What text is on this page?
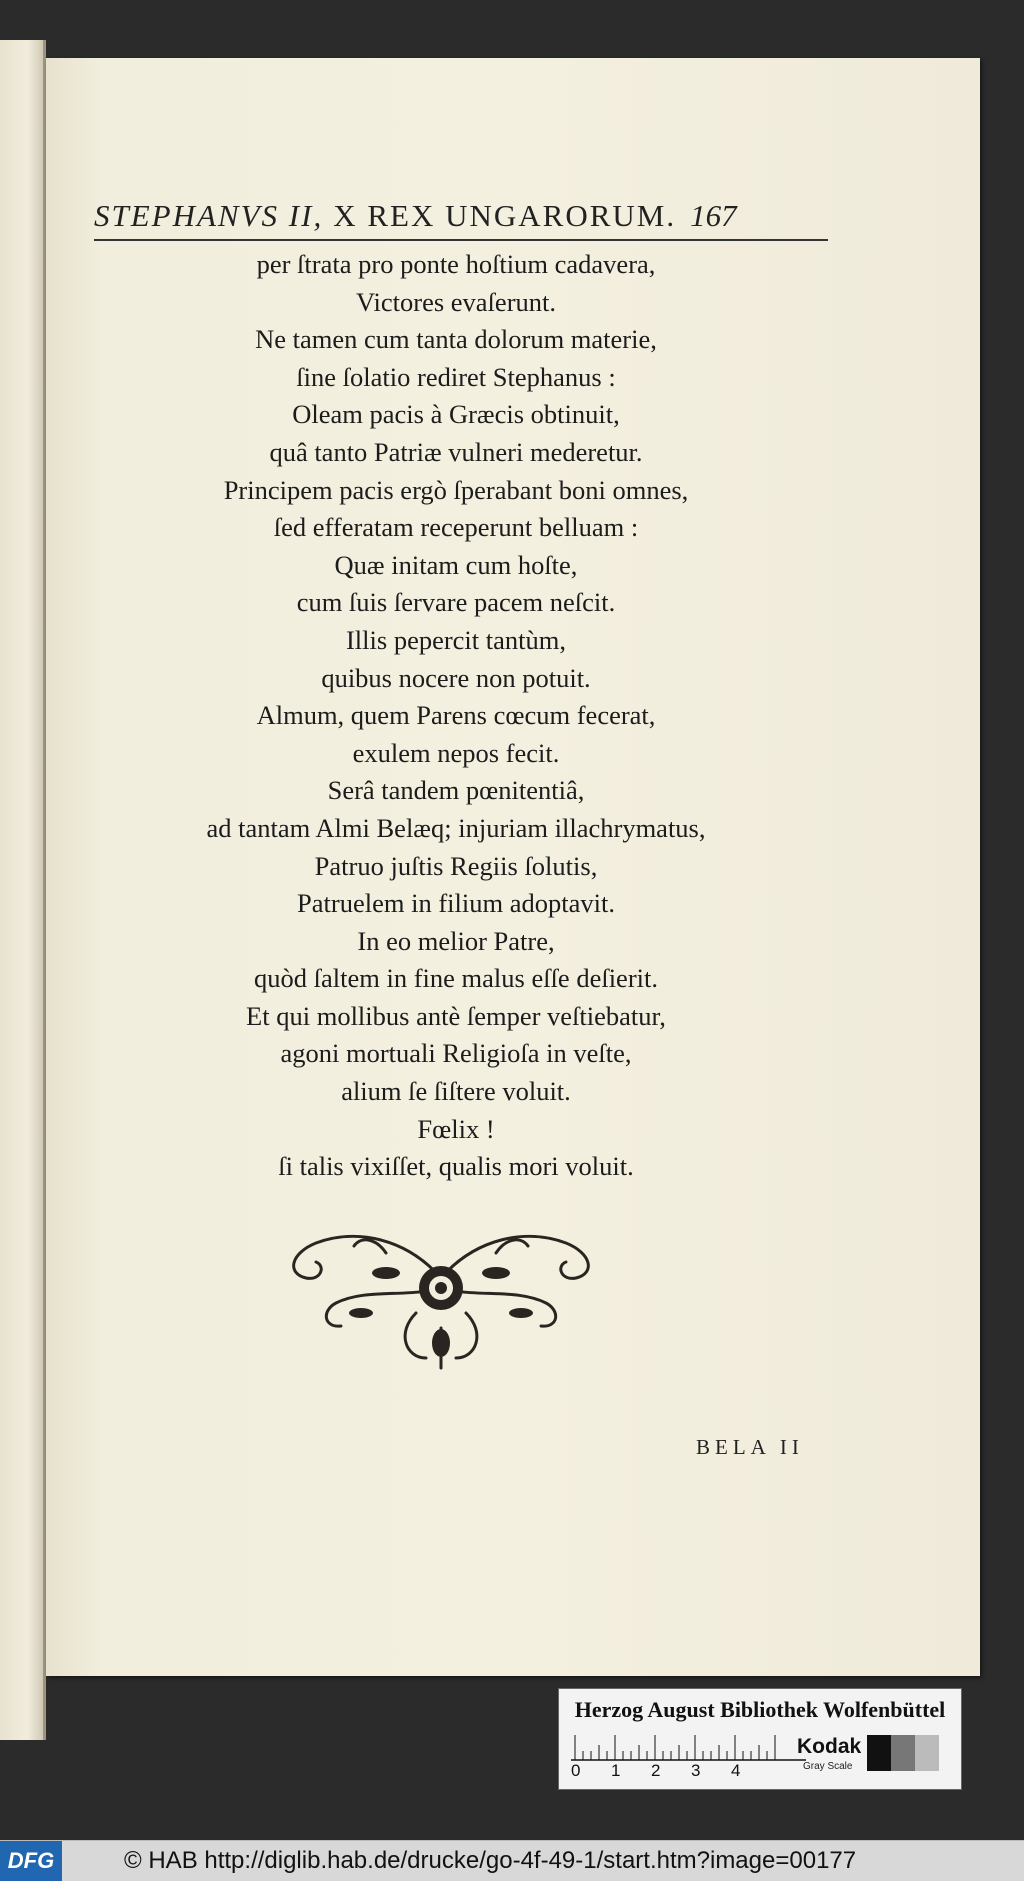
STEPHANVS II, X REX UNGARORUM. 167
per ſtrata pro ponte hoſtium cadavera,
Victores evaſerunt.
Ne tamen cum tanta dolorum materie,
ſine ſolatio rediret Stephanus :
Oleam pacis à Græcis obtinuit,
quâ tanto Patriæ vulneri mederetur.
Principem pacis ergò ſperabant boni omnes,
ſed efferatam receperunt belluam :
Quæ initam cum hoſte,
cum ſuis ſervare pacem neſcit.
Illis pepercit tantùm,
quibus nocere non potuit.
Almum, quem Parens cœcum fecerat,
exulem nepos fecit.
Serâ tandem pœnitentiâ,
ad tantam Almi Belæq; injuriam illachrymatus,
Patruo juſtis Regiis ſolutis,
Patruelem in filium adoptavit.
In eo melior Patre,
quòd ſaltem in fine malus eſſe deſierit.
Et qui mollibus antè ſemper veſtiebatur,
agoni mortuali Religioſa in veſte,
alium ſe ſiſtere voluit.
Fœlix !
ſi talis vixiſſet, qualis mori voluit.
BELA II
Herzog August Bibliothek Wolfenbüttel
0 1 2 3 4
Kodak
Gray Scale
DFG	© HAB http://diglib.hab.de/drucke/go-4f-49-1/start.htm?image=00177
